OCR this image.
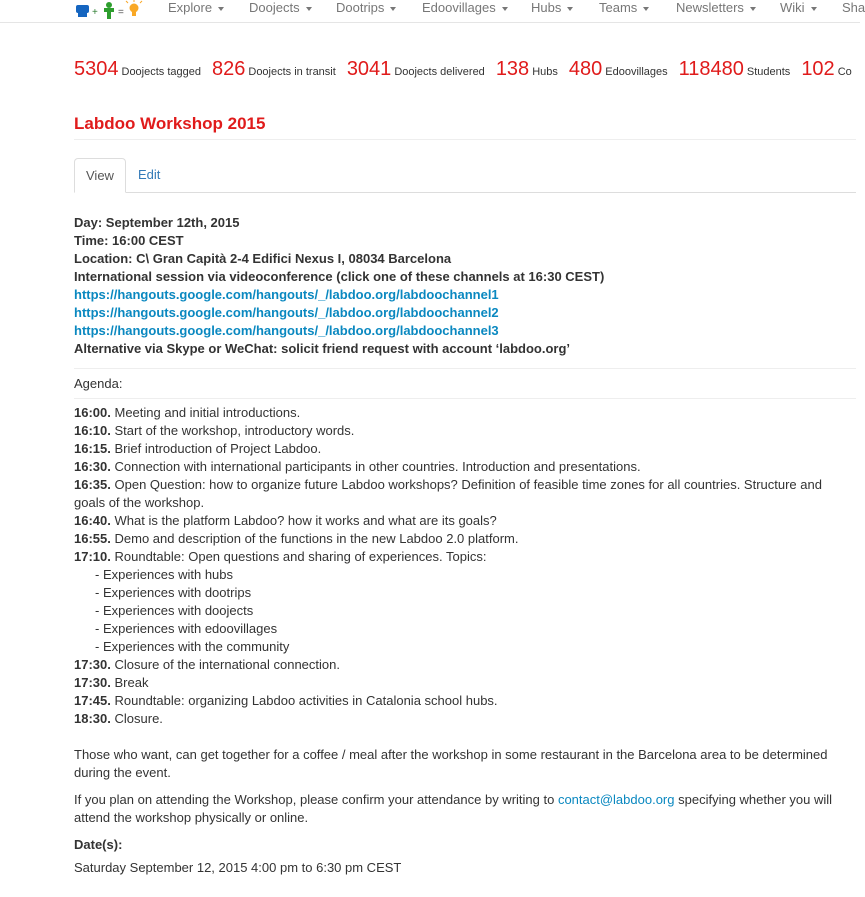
+ =	Explore	Doojects	Dootrips	Edoovillages	Hubs	Teams	Newsletters	Wiki	Sha
5304 Doojects tagged 826 Doojects in transit 3041 Doojects delivered 138 Hubs 480 Edoovillages 118480 Students 102 Co
Labdoo Workshop 2015
View	Edit
Day: September 12th, 2015
Time: 16:00 CEST
Location: C\ Gran Capità 2-4 Edifici Nexus I, 08034 Barcelona
International session via videoconference (click one of these channels at 16:30 CEST)
https://hangouts.google.com/hangouts/_/labdoo.org/labdoochannel1
https://hangouts.google.com/hangouts/_/labdoo.org/labdoochannel2
https://hangouts.google.com/hangouts/_/labdoo.org/labdoochannel3
Alternative via Skype or WeChat: solicit friend request with account ‘labdoo.org’
Agenda:
16:00. Meeting and initial introductions.
16:10. Start of the workshop, introductory words.
16:15. Brief introduction of Project Labdoo.
16:30. Connection with international participants in other countries. Introduction and presentations.
16:35. Open Question: how to organize future Labdoo workshops? Definition of feasible time zones for all countries. Structure and goals of the workshop.
16:40. What is the platform Labdoo? how it works and what are its goals?
16:55. Demo and description of the functions in the new Labdoo 2.0 platform.
17:10. Roundtable: Open questions and sharing of experiences. Topics:
- Experiences with hubs
- Experiences with dootrips
- Experiences with doojects
- Experiences with edoovillages
- Experiences with the community
17:30. Closure of the international connection.
17:30. Break
17:45. Roundtable: organizing Labdoo activities in Catalonia school hubs.
18:30. Closure.

Those who want, can get together for a coffee / meal after the workshop in some restaurant in the Barcelona area to be determined during the event.

If you plan on attending the Workshop, please confirm your attendance by writing to contact@labdoo.org specifying whether you will attend the workshop physically or online.

Date(s):
Saturday September 12, 2015 4:00 pm to 6:30 pm CEST
